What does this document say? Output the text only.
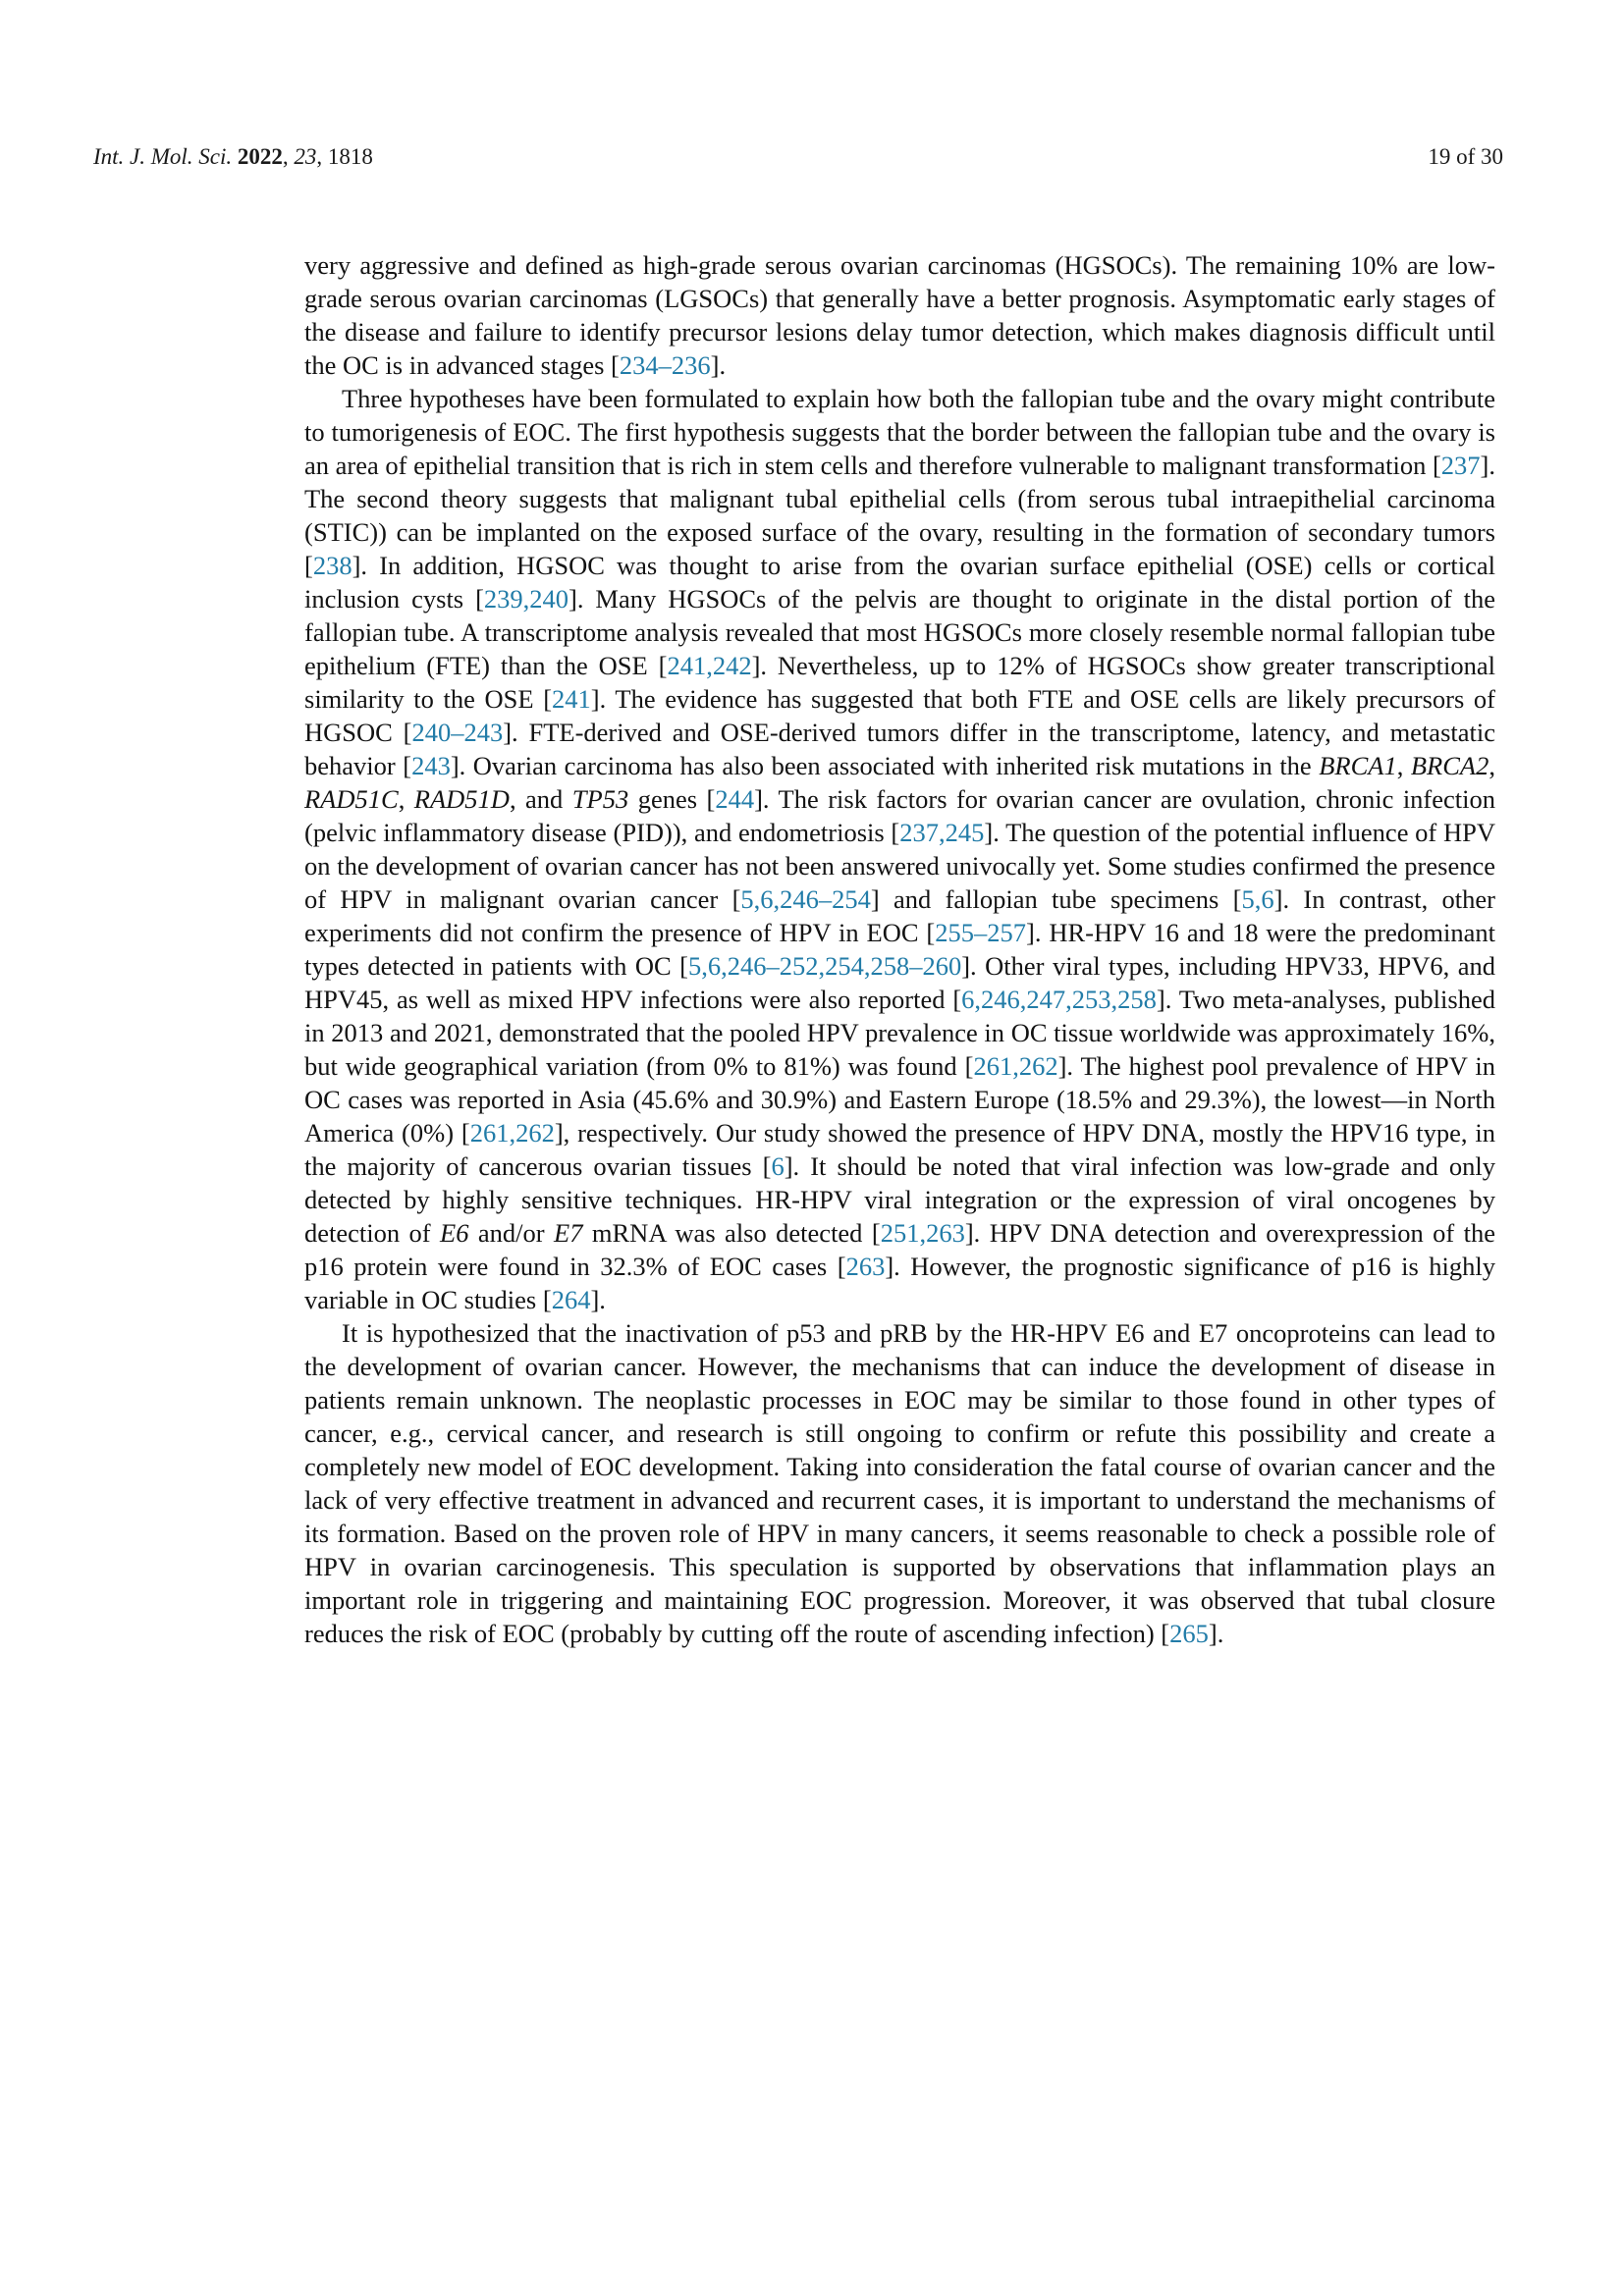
Int. J. Mol. Sci. 2022, 23, 1818	19 of 30

very aggressive and defined as high-grade serous ovarian carcinomas (HGSOCs). The remaining 10% are low-grade serous ovarian carcinomas (LGSOCs) that generally have a better prognosis. Asymptomatic early stages of the disease and failure to identify precursor lesions delay tumor detection, which makes diagnosis difficult until the OC is in advanced stages [234–236].

Three hypotheses have been formulated to explain how both the fallopian tube and the ovary might contribute to tumorigenesis of EOC. The first hypothesis suggests that the border between the fallopian tube and the ovary is an area of epithelial transition that is rich in stem cells and therefore vulnerable to malignant transformation [237]. The second theory suggests that malignant tubal epithelial cells (from serous tubal intraepithelial carcinoma (STIC)) can be implanted on the exposed surface of the ovary, resulting in the formation of secondary tumors [238]. In addition, HGSOC was thought to arise from the ovarian surface epithelial (OSE) cells or cortical inclusion cysts [239,240]. Many HGSOCs of the pelvis are thought to originate in the distal portion of the fallopian tube. A transcriptome analysis revealed that most HGSOCs more closely resemble normal fallopian tube epithelium (FTE) than the OSE [241,242]. Nevertheless, up to 12% of HGSOCs show greater transcriptional similarity to the OSE [241]. The evidence has suggested that both FTE and OSE cells are likely precursors of HGSOC [240–243]. FTE-derived and OSE-derived tumors differ in the transcriptome, latency, and metastatic behavior [243]. Ovarian carcinoma has also been associated with inherited risk mutations in the BRCA1, BRCA2, RAD51C, RAD51D, and TP53 genes [244]. The risk factors for ovarian cancer are ovulation, chronic infection (pelvic inflammatory disease (PID)), and endometriosis [237,245]. The question of the potential influence of HPV on the development of ovarian cancer has not been answered univocally yet. Some studies confirmed the presence of HPV in malignant ovarian cancer [5,6,246–254] and fallopian tube specimens [5,6]. In contrast, other experiments did not confirm the presence of HPV in EOC [255–257]. HR-HPV 16 and 18 were the predominant types detected in patients with OC [5,6,246–252,254,258–260]. Other viral types, including HPV33, HPV6, and HPV45, as well as mixed HPV infections were also reported [6,246,247,253,258]. Two meta-analyses, published in 2013 and 2021, demonstrated that the pooled HPV prevalence in OC tissue worldwide was approximately 16%, but wide geographical variation (from 0% to 81%) was found [261,262]. The highest pool prevalence of HPV in OC cases was reported in Asia (45.6% and 30.9%) and Eastern Europe (18.5% and 29.3%), the lowest—in North America (0%) [261,262], respectively. Our study showed the presence of HPV DNA, mostly the HPV16 type, in the majority of cancerous ovarian tissues [6]. It should be noted that viral infection was low-grade and only detected by highly sensitive techniques. HR-HPV viral integration or the expression of viral oncogenes by detection of E6 and/or E7 mRNA was also detected [251,263]. HPV DNA detection and overexpression of the p16 protein were found in 32.3% of EOC cases [263]. However, the prognostic significance of p16 is highly variable in OC studies [264].

It is hypothesized that the inactivation of p53 and pRB by the HR-HPV E6 and E7 oncoproteins can lead to the development of ovarian cancer. However, the mechanisms that can induce the development of disease in patients remain unknown. The neoplastic processes in EOC may be similar to those found in other types of cancer, e.g., cervical cancer, and research is still ongoing to confirm or refute this possibility and create a completely new model of EOC development. Taking into consideration the fatal course of ovarian cancer and the lack of very effective treatment in advanced and recurrent cases, it is important to understand the mechanisms of its formation. Based on the proven role of HPV in many cancers, it seems reasonable to check a possible role of HPV in ovarian carcinogenesis. This speculation is supported by observations that inflammation plays an important role in triggering and maintaining EOC progression. Moreover, it was observed that tubal closure reduces the risk of EOC (probably by cutting off the route of ascending infection) [265].
